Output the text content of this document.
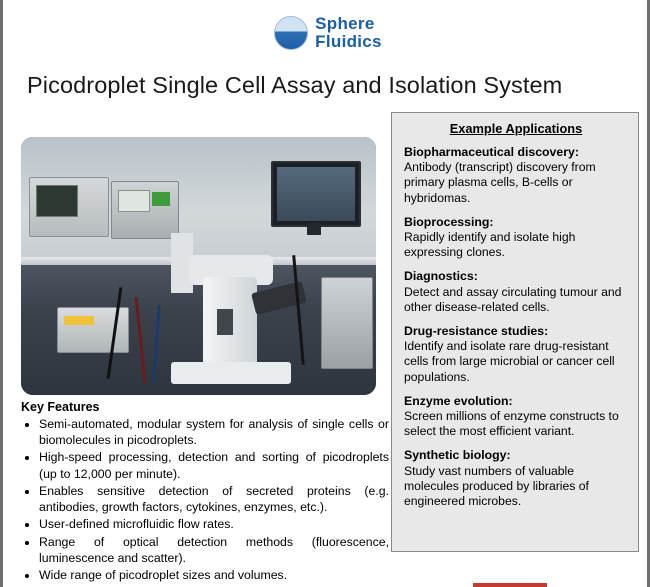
Sphere
Fluidics
Picodroplet Single Cell Assay and Isolation System
Key Features
• Semi-automated, modular system for analysis of single cells or biomolecules in picodroplets.
• High-speed processing, detection and sorting of picodroplets (up to 12,000 per minute).
• Enables sensitive detection of secreted proteins (e.g. antibodies, growth factors, cytokines, enzymes, etc.).
• User-defined microfluidic flow rates.
• Range of optical detection methods (fluorescence, luminescence and scatter).
• Wide range of picodroplet sizes and volumes.
Example Applications
Biopharmaceutical discovery:
Antibody (transcript) discovery from primary plasma cells, B-cells or hybridomas.
Bioprocessing:
Rapidly identify and isolate high expressing clones.
Diagnostics:
Detect and assay circulating tumour and other disease-related cells.
Drug-resistance studies:
Identify and isolate rare drug-resistant cells from large microbial or cancer cell populations.
Enzyme evolution:
Screen millions of enzyme constructs to select the most efficient variant.
Synthetic biology:
Study vast numbers of valuable molecules produced by libraries of engineered microbes.
